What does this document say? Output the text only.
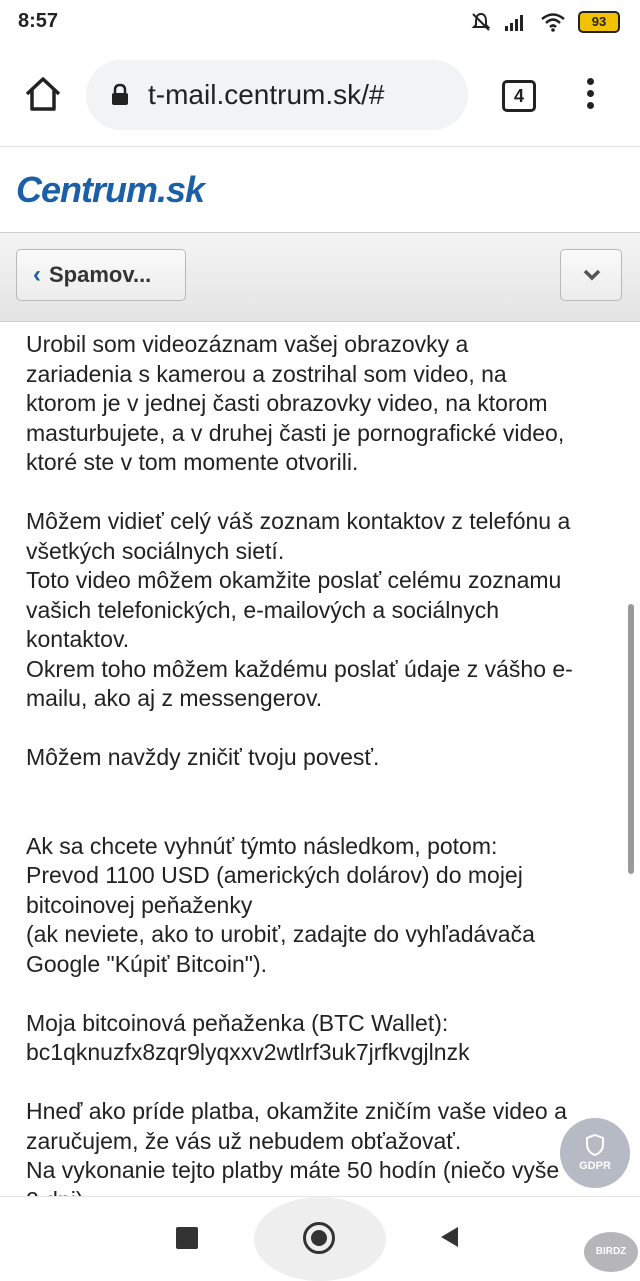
8:57	93
t-mail.centrum.sk/#	4
Centrum.sk
‹ Spamov...
Urobil som videozáznam vašej obrazovky a
zariadenia s kamerou a zostrihal som video, na
ktorom je v jednej časti obrazovky video, na ktorom
masturbujete, a v druhej časti je pornografické video,
ktoré ste v tom momente otvorili.

Môžem vidieť celý váš zoznam kontaktov z telefónu a
všetkých sociálnych sietí.
Toto video môžem okamžite poslať celému zoznamu
vašich telefonických, e-mailových a sociálnych
kontaktov.
Okrem toho môžem každému poslať údaje z vášho e-
mailu, ako aj z messengerov.

Môžem navždy zničiť tvoju povesť.

Ak sa chcete vyhnúť týmto následkom, potom:
Prevod 1100 USD (amerických dolárov) do mojej
bitcoinovej peňaženky
(ak neviete, ako to urobiť, zadajte do vyhľadávača
Google "Kúpiť Bitcoin").

Moja bitcoinová peňaženka (BTC Wallet):
bc1qknuzfx8zqr9lyqxxv2wtlrf3uk7jrfkvgjlnzk

Hneď ako príde platba, okamžite zničím vaše video a
zaručujem, že vás už nebudem obťažovať.
Na vykonanie tejto platby máte 50 hodín (niečo vyše	GDPR
BIRDZ
